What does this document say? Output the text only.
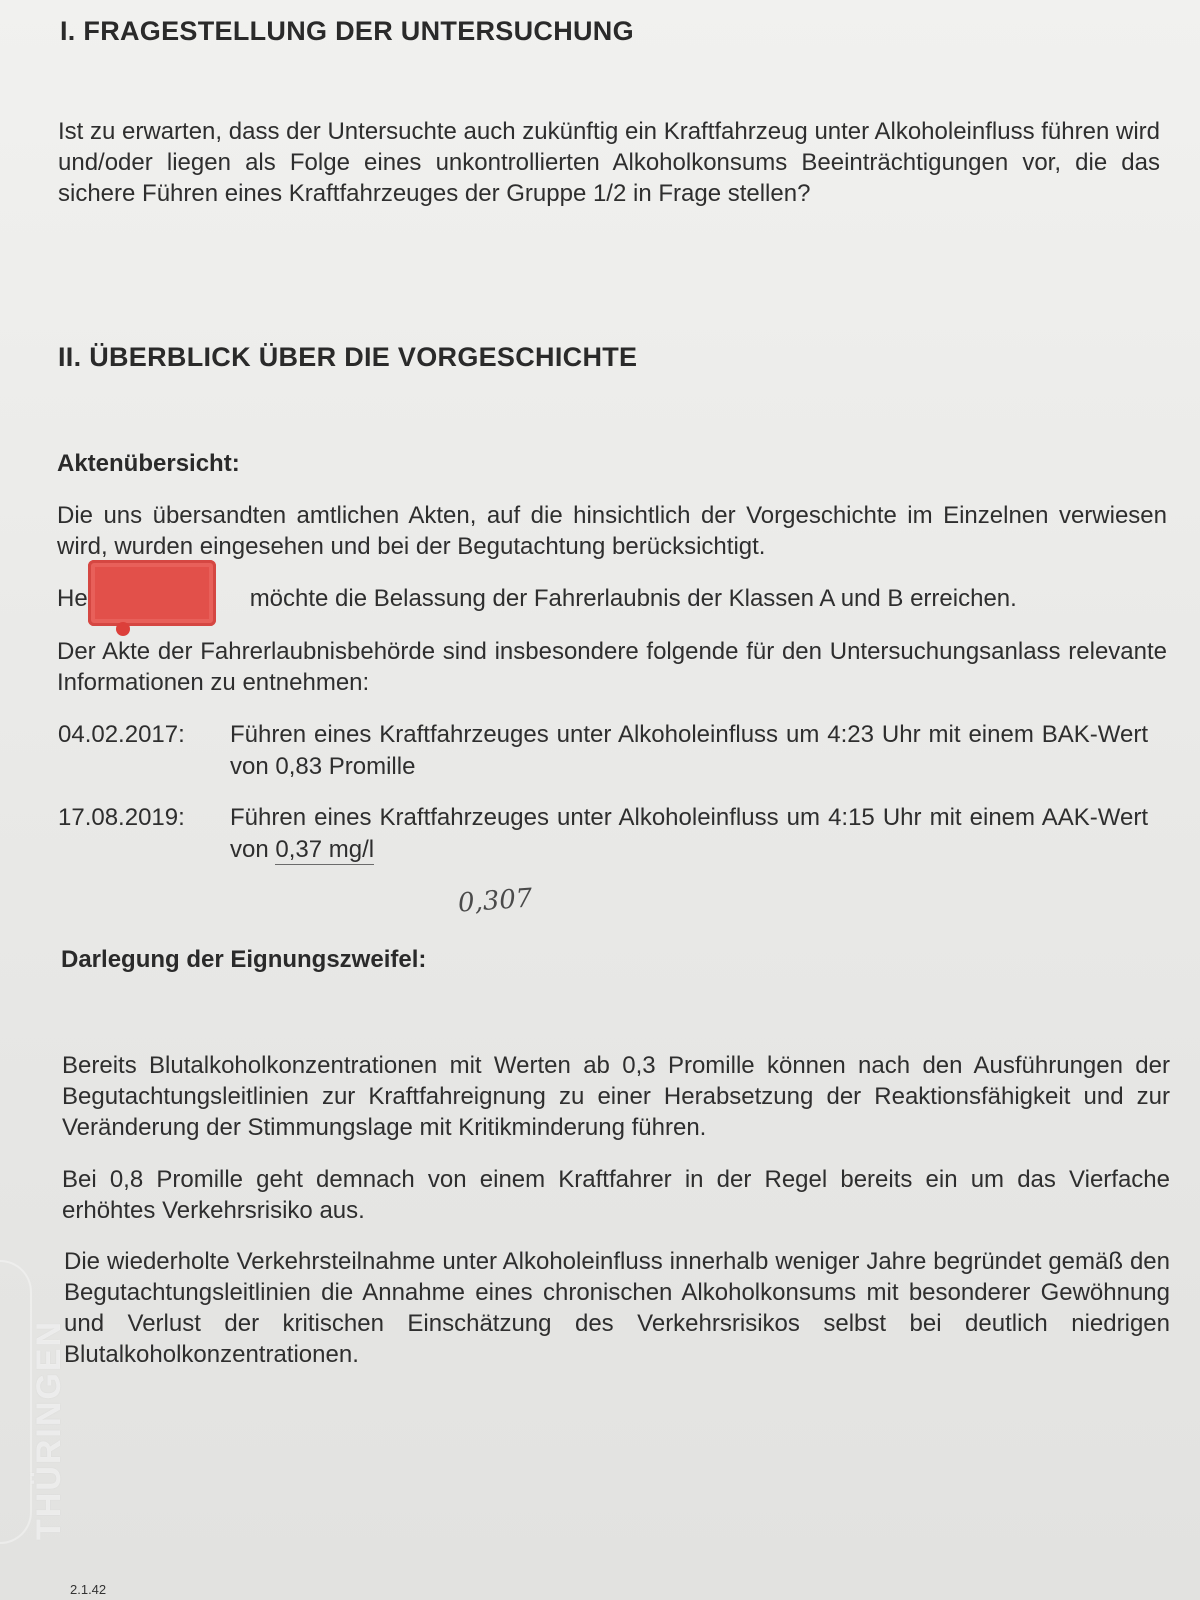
I. FRAGESTELLUNG DER UNTERSUCHUNG

Ist zu erwarten, dass der Untersuchte auch zukünftig ein Kraftfahrzeug unter Alkoholeinfluss führen wird und/oder liegen als Folge eines unkontrollierten Alkoholkonsums Beeinträchtigungen vor, die das sichere Führen eines Kraftfahrzeuges der Gruppe 1/2 in Frage stellen?

II. ÜBERBLICK ÜBER DIE VORGESCHICHTE
Aktenübersicht:

Die uns übersandten amtlichen Akten, auf die hinsichtlich der Vorgeschichte im Einzelnen verwiesen wird, wurden eingesehen und bei der Begutachtung berücksichtigt.

He	möchte die Belassung der Fahrerlaubnis der Klassen A und B erreichen.

Der Akte der Fahrerlaubnisbehörde sind insbesondere folgende für den Untersuchungsanlass relevante Informationen zu entnehmen:

04.02.2017:	Führen eines Kraftfahrzeuges unter Alkoholeinfluss um 4:23 Uhr mit einem BAK-Wert von 0,83 Promille
17.08.2019:	Führen eines Kraftfahrzeuges unter Alkoholeinfluss um 4:15 Uhr mit einem AAK-Wert von 0,37 mg/l
0,307
Darlegung der Eignungszweifel:

Bereits Blutalkoholkonzentrationen mit Werten ab 0,3 Promille können nach den Ausführungen der Begutachtungsleitlinien zur Kraftfahreignung zu einer Herabsetzung der Reaktionsfähigkeit und zur Veränderung der Stimmungslage mit Kritikminderung führen.

Bei 0,8 Promille geht demnach von einem Kraftfahrer in der Regel bereits ein um das Vierfache erhöhtes Verkehrsrisiko aus.

Die wiederholte Verkehrsteilnahme unter Alkoholeinfluss innerhalb weniger Jahre begründet gemäß den Begutachtungsleitlinien die Annahme eines chronischen Alkoholkonsums mit besonderer Gewöhnung und Verlust der kritischen Einschätzung des Verkehrsrisikos selbst bei deutlich niedrigen Blutalkoholkonzentrationen.

THÜRINGEN
2.1.42
